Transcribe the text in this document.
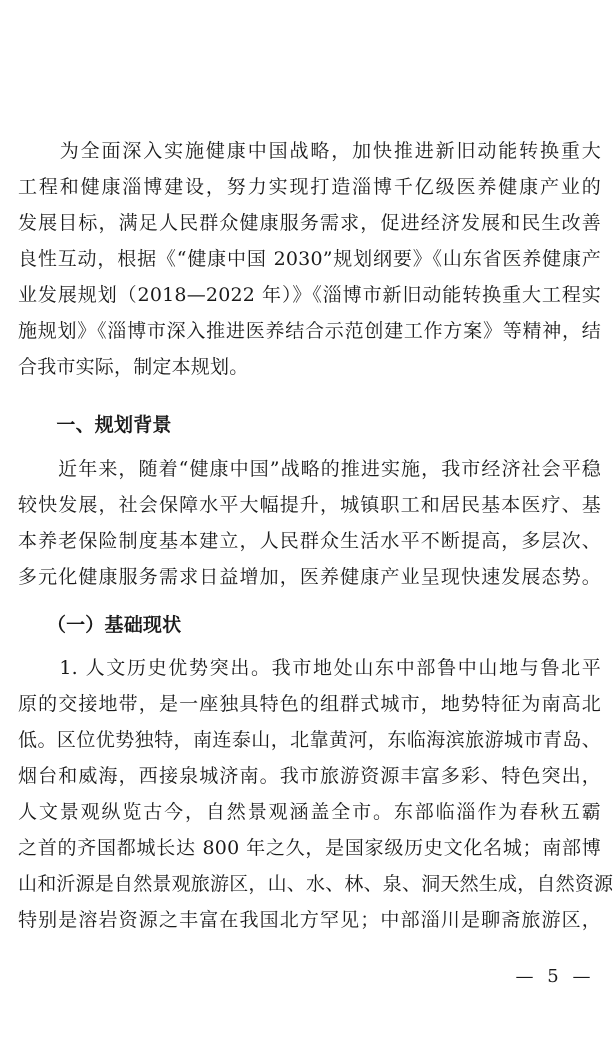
　　为全面深入实施健康中国战略，加快推进新旧动能转换重大
工程和健康淄博建设，努力实现打造淄博千亿级医养健康产业的
发展目标，满足人民群众健康服务需求，促进经济发展和民生改善
良性互动，根据《“健康中国 2030”规划纲要》《山东省医养健康产
业发展规划（2018—2022 年）》《淄博市新旧动能转换重大工程实
施规划》《淄博市深入推进医养结合示范创建工作方案》等精神，结
合我市实际，制定本规划。
　　一、规划背景
　　近年来，随着“健康中国”战略的推进实施，我市经济社会平稳
较快发展，社会保障水平大幅提升，城镇职工和居民基本医疗、基
本养老保险制度基本建立，人民群众生活水平不断提高，多层次、
多元化健康服务需求日益增加，医养健康产业呈现快速发展态势。
　　（一）基础现状
　　1. 人文历史优势突出。我市地处山东中部鲁中山地与鲁北平
原的交接地带，是一座独具特色的组群式城市，地势特征为南高北
低。区位优势独特，南连泰山，北靠黄河，东临海滨旅游城市青岛、
烟台和威海，西接泉城济南。我市旅游资源丰富多彩、特色突出，
人文景观纵览古今，自然景观涵盖全市。东部临淄作为春秋五霸
之首的齐国都城长达 800 年之久，是国家级历史文化名城；南部博
山和沂源是自然景观旅游区，山、水、林、泉、洞天然生成，自然资源
特别是溶岩资源之丰富在我国北方罕见；中部淄川是聊斋旅游区，
— 5 —
